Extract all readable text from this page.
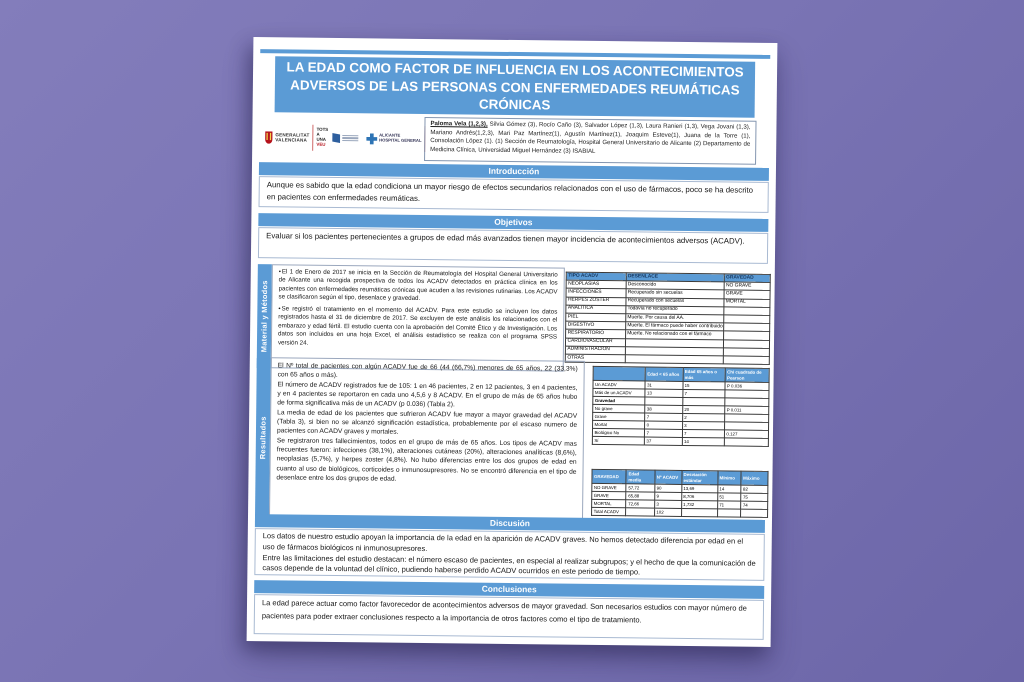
LA EDAD COMO FACTOR DE INFLUENCIA EN LOS ACONTECIMIENTOS ADVERSOS DE LAS PERSONAS CON ENFERMEDADES REUMÁTICAS CRÓNICAS
GENERALITAT
VALENCIANA
TOTS
A UNA
VEU
ALICANTE
HOSPITAL GENERAL
Paloma Vela (1,2,3), Silvia Gómez (3), Rocío Caño (3), Salvador López (1,3), Laura Ranieri (1,3), Vega Jovani (1,3), Mariano Andrés(1,2,3), Mari Paz Martínez(1), Agustín Martínez(1), Joaquim Esteve(1), Juana de la Torre (1), Consolación López (1). (1) Sección de Reumatología, Hospital General Universitario de Alicante (2) Departamento de Medicina Clínica, Universidad Miguel Hernández (3) ISABIAL
Introducción
Aunque es sabido que la edad condiciona un mayor riesgo de efectos secundarios relacionados con el uso de fármacos, poco se ha descrito en pacientes con enfermedades reumáticas.
Objetivos
Evaluar si los pacientes pertenecientes a grupos de edad más avanzados tienen mayor incidencia de acontecimientos adversos (ACADV).
Material y Métodos

• El 1 de Enero de 2017 se inicia en la Sección de Reumatología del Hospital General Universitario de Alicante una recogida prospectiva de todos los ACADV detectados en práctica clínica en los pacientes con enfermedades reumáticas crónicas que acuden a las revisiones rutinarias. Los ACADV se clasificaron según el tipo, desenlace y gravedad.

• Se registró el tratamiento en el momento del ACADV. Para este estudio se incluyen los datos registrados hasta el 31 de diciembre de 2017. Se excluyen de este análisis los relacionados con el embarazo y edad fértil. El estudio cuenta con la aprobación del Comité Ético y de Investigación. Los datos son incluidos en una hoja Excel, el análisis estadístico se realiza con el programa SPSS versión 24.

TIPO ACADV	DESENLACE	GRAVEDAD
NEOPLASIAS	Desconocido	NO GRAVE
INFECCIONES	Recuperado sin secuelas	GRAVE
HERPES ZOSTER	Recuperado con secuelas	MORTAL
ANALÍTICA	Todavía no recuperado	
PIEL	Muerte. Por causa del AA.	
DIGESTIVO	Muerte. El fármaco puede haber contribuido	
RESPIRATORIO	Muerte. No relacionado con el fármaco	
CARDIOVASCULAR		
ADMINISTRACIÓN		
OTRAS		
Resultados

El Nº total de pacientes con algún ACADV fue de 66 (44 (66,7%) menores de 65 años, 22 (33,3%) con 65 años o más).

El número de ACADV registrados fue de 105: 1 en 46 pacientes, 2 en 12 pacientes, 3 en 4 pacientes, y en 4 pacientes se reportaron en cada uno 4,5,6 y 8 ACADV. En el grupo de más de 65 años hubo de forma significativa más de un ACADV (p 0.036) (Tabla 2).

La media de edad de los pacientes que sufrieron ACADV fue mayor a mayor gravedad del ACADV (Tabla 3), si bien no se alcanzó significación estadística, probablemente por el escaso numero de pacientes con ACADV graves y mortales.

Se registraron tres fallecimientos, todos en el grupo de más de 65 años. Los tipos de ACADV mas frecuentes fueron: infecciones (38,1%), alteraciones cutáneas (20%), alteraciones analíticas (8,6%), neoplasias (5,7%), y herpes zoster (4,8%). No hubo diferencias entre los dos grupos de edad en cuanto al uso de biológicos, corticoides o inmunosupresores. No se encontró diferencia en el tipo de desenlace entre los dos grupos de edad.

	Edad < 65 años	Edad 65 años o más	Chi cuadrado de Pearson
Un ACADV	31	15	P 0.036
Más de un ACADV	13	7	
Gravedad			
No grave	38	20	P 0.011
Grave	7	2	
Mortal	0	3	
Biológico No	7	7	0.127
Sí	37	14	
GRAVEDAD	Edad media	Nº ACADV	Desviación estándar	Mínimo	Máximo
NO GRAVE	57,72	90	13,69	14	82
GRAVE	65,88	9	8,706	51	75
MORTAL	72,66	3	1,732	71	74
Total ACADV		102			
Discusión

Los datos de nuestro estudio apoyan la importancia de la edad en la aparición de ACADV graves. No hemos detectado diferencia por edad en el uso de fármacos biológicos ni inmunosupresores.

Entre las limitaciones del estudio destacan: el número escaso de pacientes, en especial al realizar subgrupos; y el hecho de que la comunicación de casos depende de la voluntad del clínico, pudiendo haberse perdido ACADV ocurridos en este periodo de tiempo.

Conclusiones
La edad parece actuar como factor favorecedor de acontecimientos adversos de mayor gravedad. Son necesarios estudios con mayor número de pacientes para poder extraer conclusiones respecto a la importancia de otros factores como el tipo de tratamiento.
